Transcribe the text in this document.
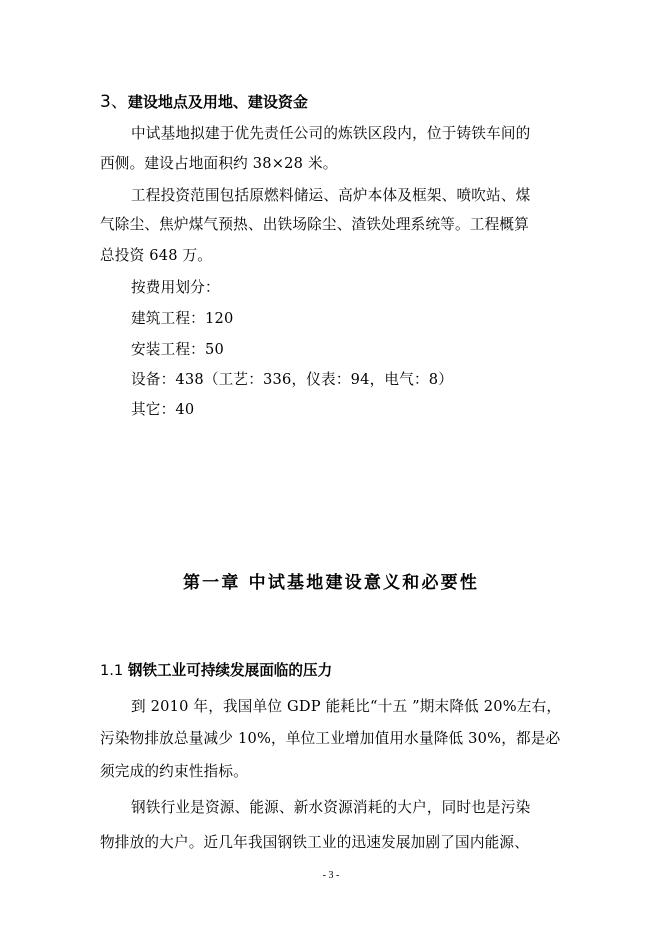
3、建设地点及用地、建设资金

中试基地拟建于优先责任公司的炼铁区段内，位于铸铁车间的

西侧。建设占地面积约 38×28 米。

工程投资范围包括原燃料储运、高炉本体及框架、喷吹站、煤

气除尘、焦炉煤气预热、出铁场除尘、渣铁处理系统等。工程概算

总投资 648 万。

按费用划分：

建筑工程：120

安装工程：50

设备：438（工艺：336，仪表：94，电气：8）

其它：40

第一章 中试基地建设意义和必要性
1.1 钢铁工业可持续发展面临的压力

到 2010 年，我国单位 GDP 能耗比“十五 ”期末降低 20%左右，

污染物排放总量减少 10%，单位工业增加值用水量降低 30%，都是必

须完成的约束性指标。

钢铁行业是资源、能源、新水资源消耗的大户，同时也是污染

物排放的大户。近几年我国钢铁工业的迅速发展加剧了国内能源、

- 3 -
